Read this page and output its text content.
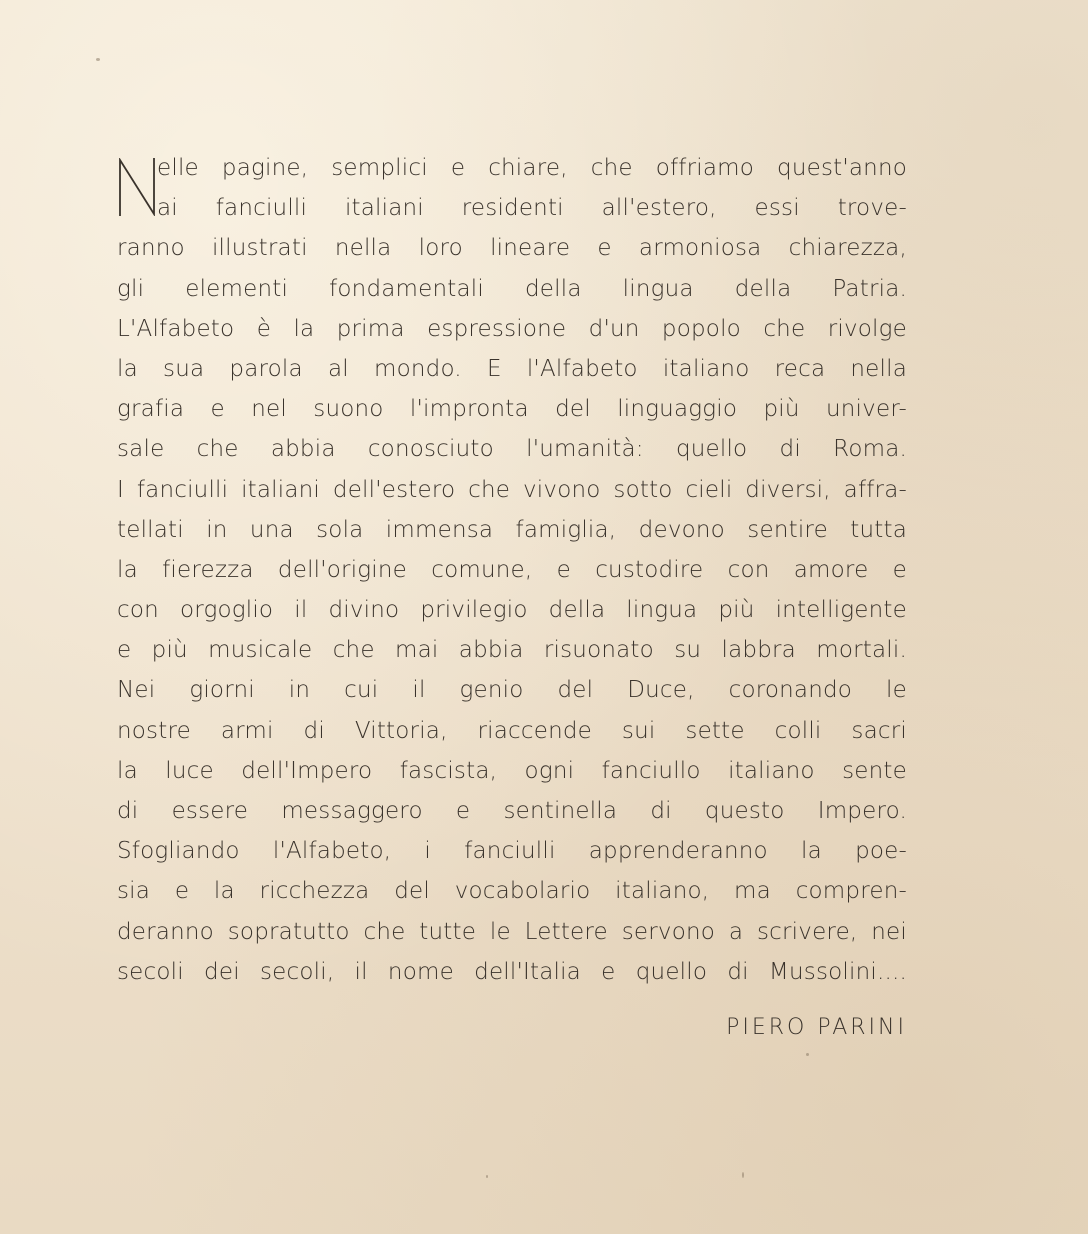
elle pagine, semplici e chiare, che offriamo quest'anno
ai fanciulli italiani residenti all'estero, essi trove-
ranno illustrati nella loro lineare e armoniosa chiarezza,
gli elementi fondamentali della lingua della Patria.
L'Alfabeto è la prima espressione d'un popolo che rivolge
la sua parola al mondo. E l'Alfabeto italiano reca nella
grafia e nel suono l'impronta del linguaggio più univer-
sale che abbia conosciuto l'umanità: quello di Roma.
I fanciulli italiani dell'estero che vivono sotto cieli diversi, affra-
tellati in una sola immensa famiglia, devono sentire tutta
la fierezza dell'origine comune, e custodire con amore e
con orgoglio il divino privilegio della lingua più intelligente
e più musicale che mai abbia risuonato su labbra mortali.
Nei giorni in cui il genio del Duce, coronando le
nostre armi di Vittoria, riaccende sui sette colli sacri
la luce dell'Impero fascista, ogni fanciullo italiano sente
di essere messaggero e sentinella di questo Impero.
Sfogliando l'Alfabeto, i fanciulli apprenderanno la poe-
sia e la ricchezza del vocabolario italiano, ma compren-
deranno sopratutto che tutte le Lettere servono a scrivere, nei
secoli dei secoli, il nome dell'Italia e quello di Mussolini....
PIERO PARINI
